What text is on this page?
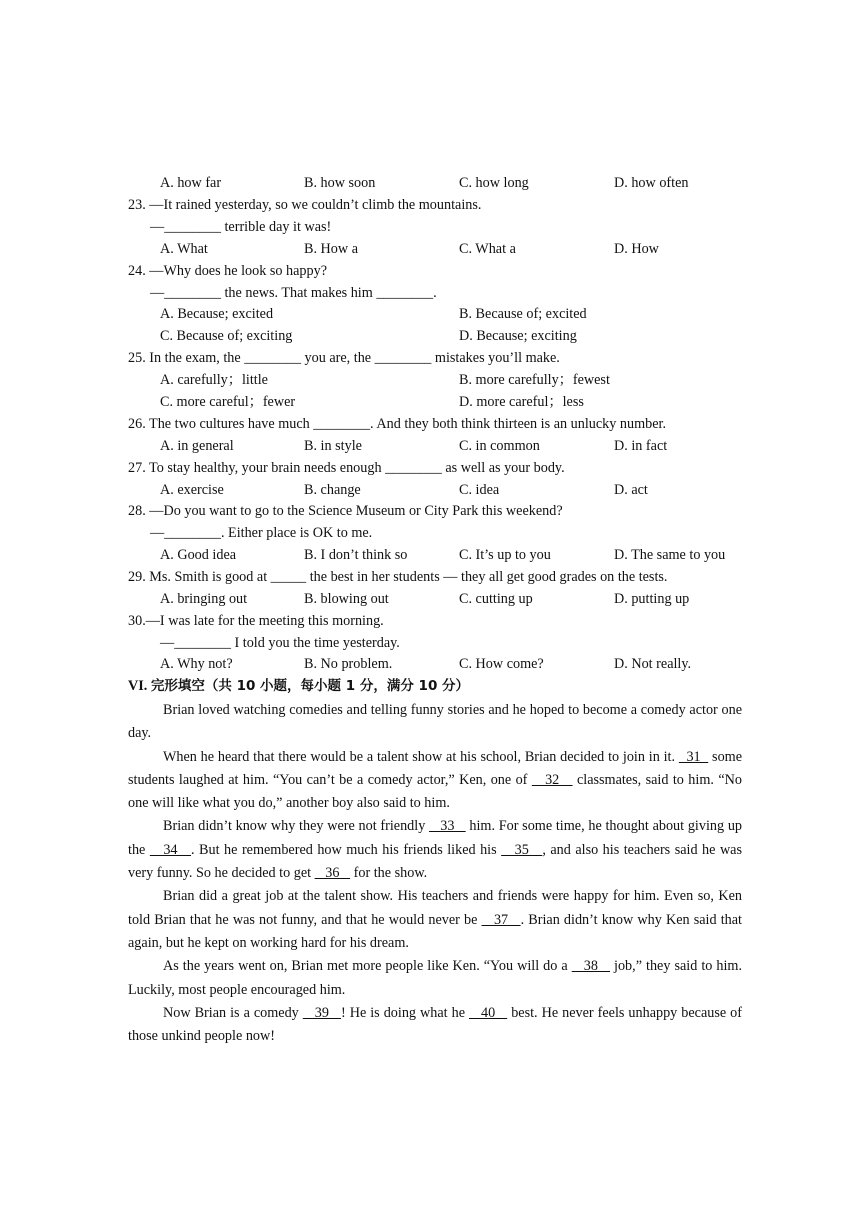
A. how far	B. how soon	C. how long	D. how often
23. —It rained yesterday, so we couldn’t climb the mountains.
—________ terrible day it was!
A. What	B. How a	C. What a	D. How
24. —Why does he look so happy?
—________ the news. That makes him ________.
A. Because; excited	B. Because of; excited
C. Because of; exciting	D. Because; exciting
25. In the exam, the ________ you are, the ________ mistakes you’ll make.
A. carefully；little	B. more carefully；fewest
C. more careful；fewer	D. more careful；less
26. The two cultures have much ________. And they both think thirteen is an unlucky number.
A. in general	B. in style	C. in common	D. in fact
27. To stay healthy, your brain needs enough ________ as well as your body.
A. exercise	B. change	C. idea	D. act
28. —Do you want to go to the Science Museum or City Park this weekend?
—________. Either place is OK to me.
A. Good idea	B. I don’t think so	C. It’s up to you	D. The same to you
29. Ms. Smith is good at _____ the best in her students — they all get good grades on the tests.
A. bringing out	B. blowing out	C. cutting up	D. putting up
30.—I was late for the meeting this morning.
—________ I told you the time yesterday.
A. Why not?	B. No problem.	C. How come?	D. Not really.
VI. 完形填空（共 10 小题，每小题 1 分，满分 10 分）

Brian loved watching comedies and telling funny stories and he hoped to become a comedy actor one day.

When he heard that there would be a talent show at his school, Brian decided to join in it.   31   some students laughed at him. “You can’t be a comedy actor,” Ken, one of    32    classmates, said to him. “No one will like what you do,” another boy also said to him.

Brian didn’t know why they were not friendly    33    him. For some time, he thought about giving up the    34   . But he remembered how much his friends liked his    35   , and also his teachers said he was very funny. So he decided to get    36    for the show.

Brian did a great job at the talent show. His teachers and friends were happy for him. Even so, Ken told Brian that he was not funny, and that he would never be    37   . Brian didn’t know why Ken said that again, but he kept on working hard for his dream.

As the years went on, Brian met more people like Ken. “You will do a    38    job,” they said to him. Luckily, most people encouraged him.

Now Brian is a comedy    39   ! He is doing what he    40    best. He never feels unhappy because of those unkind people now!
